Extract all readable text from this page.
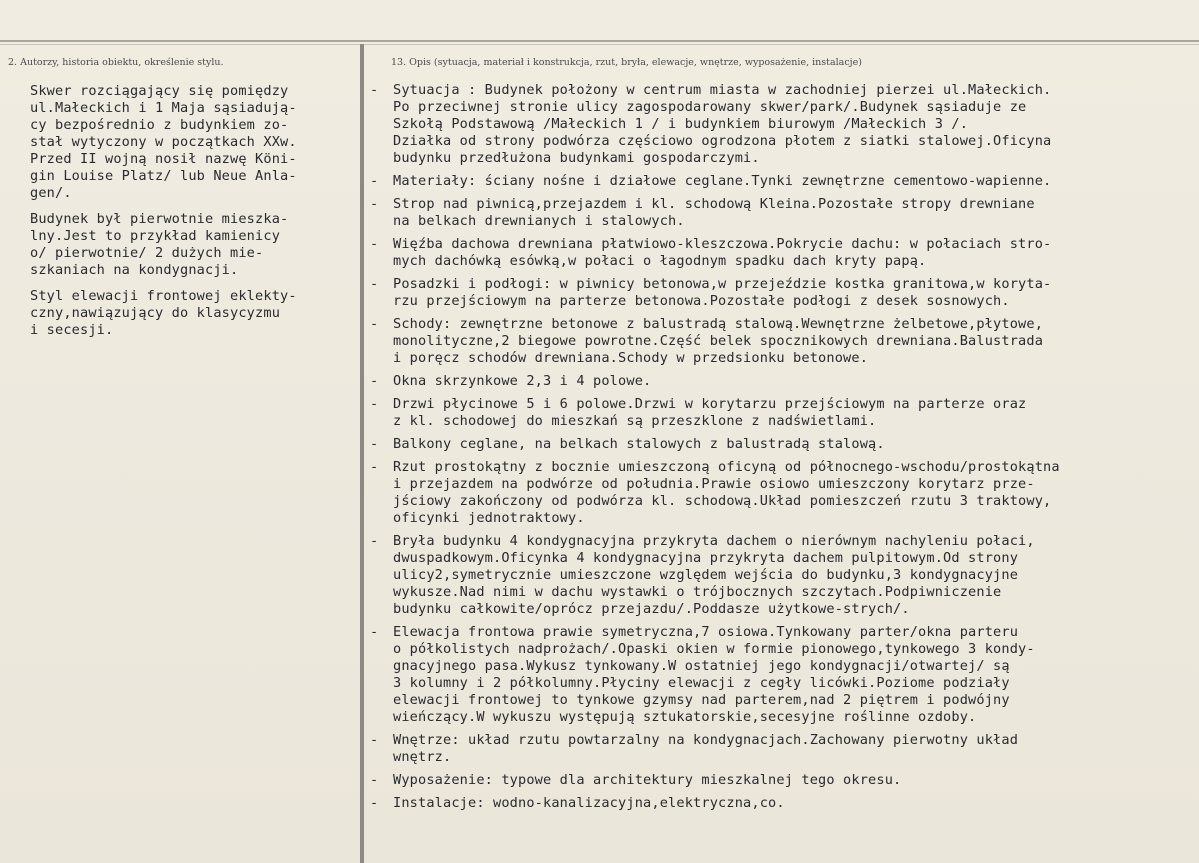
2. Autorzy, historia obiektu, określenie stylu.	13. Opis (sytuacja, materiał i konstrukcja, rzut, bryła, elewacje, wnętrze, wyposażenie, instalacje)
Skwer rozciągający się pomiędzy
ul.Małeckich i 1 Maja sąsiadują-
cy bezpośrednio z budynkiem zo-
stał wytyczony w początkach XXw.
Przed II wojną nosił nazwę Köni-
gin Louise Platz/ lub Neue Anla-
gen/.
Budynek był pierwotnie mieszka-
lny.Jest to przykład kamienicy
o/ pierwotnie/ 2 dużych mie-
szkaniach na kondygnacji.
Styl elewacji frontowej eklekty-
czny,nawiązujący do klasycyzmu
i secesji.
- Sytuacja : Budynek położony w centrum miasta w zachodniej pierzei ul.Małeckich.
Po przeciwnej stronie ulicy zagospodarowany skwer/park/.Budynek sąsiaduje ze
Szkołą Podstawową /Małeckich 1 / i budynkiem biurowym /Małeckich 3 /.
Działka od strony podwórza częściowo ogrodzona płotem z siatki stalowej.Oficyna
budynku przedłużona budynkami gospodarczymi.
- Materiały: ściany nośne i działowe ceglane.Tynki zewnętrzne cementowo-wapienne.
- Strop nad piwnicą,przejazdem i kl. schodową Kleina.Pozostałe stropy drewniane
na belkach drewnianych i stalowych.
- Więźba dachowa drewniana płatwiowo-kleszczowa.Pokrycie dachu: w połaciach stro-
mych dachówką esówką,w połaci o łagodnym spadku dach kryty papą.
- Posadzki i podłogi: w piwnicy betonowa,w przejeździe kostka granitowa,w koryta-
rzu przejściowym na parterze betonowa.Pozostałe podłogi z desek sosnowych.
- Schody: zewnętrzne betonowe z balustradą stalową.Wewnętrzne żelbetowe,płytowe,
monolityczne,2 biegowe powrotne.Część belek spocznikowych drewniana.Balustrada
i poręcz schodów drewniana.Schody w przedsionku betonowe.
- Okna skrzynkowe 2,3 i 4 polowe.
- Drzwi płycinowe 5 i 6 polowe.Drzwi w korytarzu przejściowym na parterze oraz
z kl. schodowej do mieszkań są przeszklone z nadświetlami.
- Balkony ceglane, na belkach stalowych z balustradą stalową.
- Rzut prostokątny z bocznie umieszczoną oficyną od północnego-wschodu/prostokątna
i przejazdem na podwórze od południa.Prawie osiowo umieszczony korytarz prze-
jściowy zakończony od podwórza kl. schodową.Układ pomieszczeń rzutu 3 traktowy,
oficynki jednotraktowy.
- Bryła budynku 4 kondygnacyjna przykryta dachem o nierównym nachyleniu połaci,
dwuspadkowym.Oficynka 4 kondygnacyjna przykryta dachem pulpitowym.Od strony
ulicy2,symetrycznie umieszczone względem wejścia do budynku,3 kondygnacyjne
wykusze.Nad nimi w dachu wystawki o trójbocznych szczytach.Podpiwniczenie
budynku całkowite/oprócz przejazdu/.Poddasze użytkowe-strych/.
- Elewacja frontowa prawie symetryczna,7 osiowa.Tynkowany parter/okna parteru
o półkolistych nadprożach/.Opaski okien w formie pionowego,tynkowego 3 kondy-
gnacyjnego pasa.Wykusz tynkowany.W ostatniej jego kondygnacji/otwartej/ są
3 kolumny i 2 półkolumny.Płyciny elewacji z cegły licówki.Poziome podziały
elewacji frontowej to tynkowe gzymsy nad parterem,nad 2 piętrem i podwójny
wieńczący.W wykuszu występują sztukatorskie,secesyjne roślinne ozdoby.
- Wnętrze: układ rzutu powtarzalny na kondygnacjach.Zachowany pierwotny układ
wnętrz.
- Wyposażenie: typowe dla architektury mieszkalnej tego okresu.
- Instalacje: wodno-kanalizacyjna,elektryczna,co.
